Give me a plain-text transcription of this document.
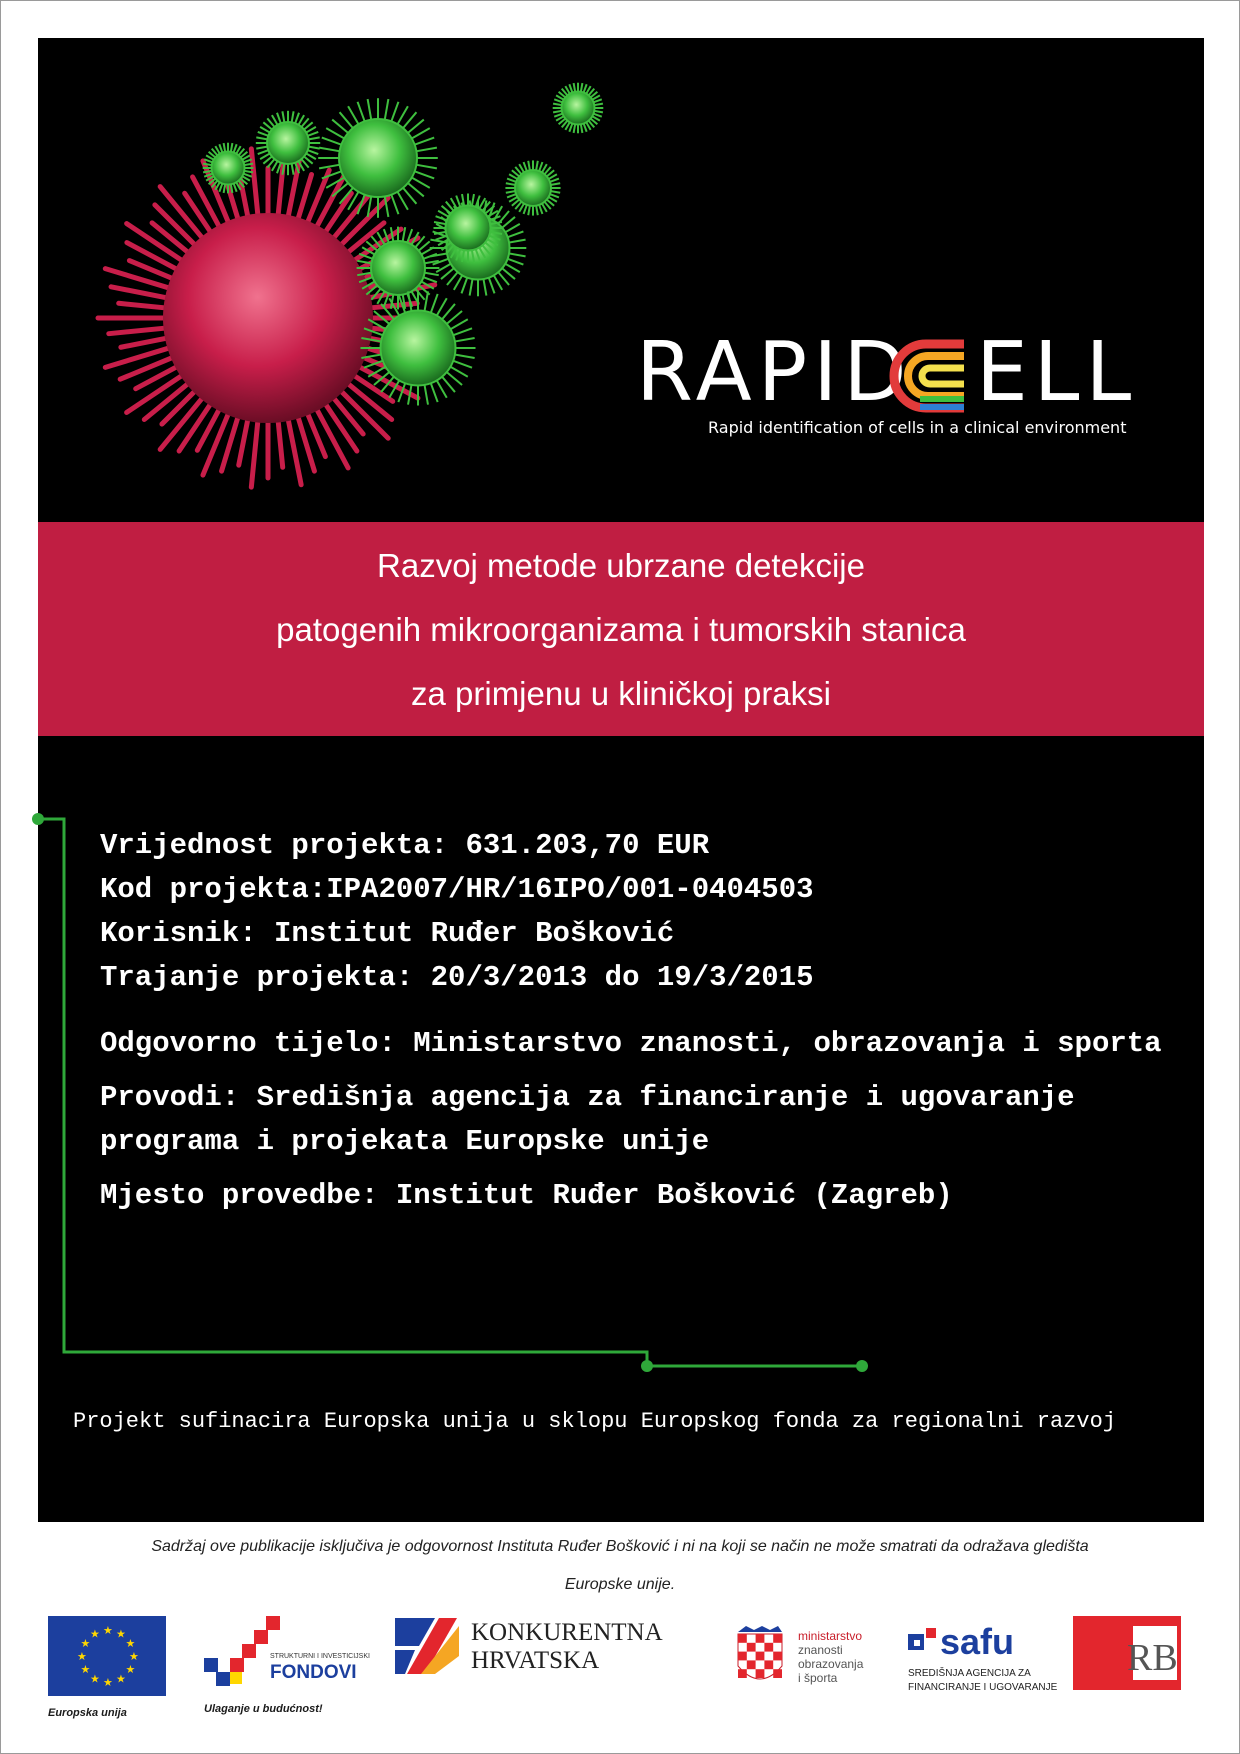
RAPID ELL
Rapid identification of cells in a clinical environment
Razvoj metode ubrzane detekcije
patogenih mikroorganizama i tumorskih stanica
za primjenu u kliničkoj praksi
Vrijednost projekta: 631.203,70 EUR
Kod projekta:IPA2007/HR/16IPO/001-0404503
Korisnik: Institut Ruđer Bošković
Trajanje projekta: 20/3/2013 do 19/3/2015
Odgovorno tijelo: Ministarstvo znanosti, obrazovanja i sporta
Provodi: Središnja agencija za financiranje i ugovaranje programa i projekata Europske unije
Mjesto provedbe: Institut Ruđer Bošković (Zagreb)
Projekt sufinacira Europska unija u sklopu Europskog fonda za regionalni razvoj
Sadržaj ove publikacije isključiva je odgovornost Instituta Ruđer Bošković i ni na koji se način ne može smatrati da odražava gledišta
Europske unije.
★
★
★
★
★
★
★
★
★ ★ ★
★
Europska unija
STRUKTURNI I INVESTICIJSKI
FONDOVI
Ulaganje u budućnost!
KONKURENTNA
HRVATSKA
ministarstvo
znanosti
obrazovanja
i športa
safu
SREDIŠNJA AGENCIJA ZA
FINANCIRANJE I UGOVARANJE
RB
